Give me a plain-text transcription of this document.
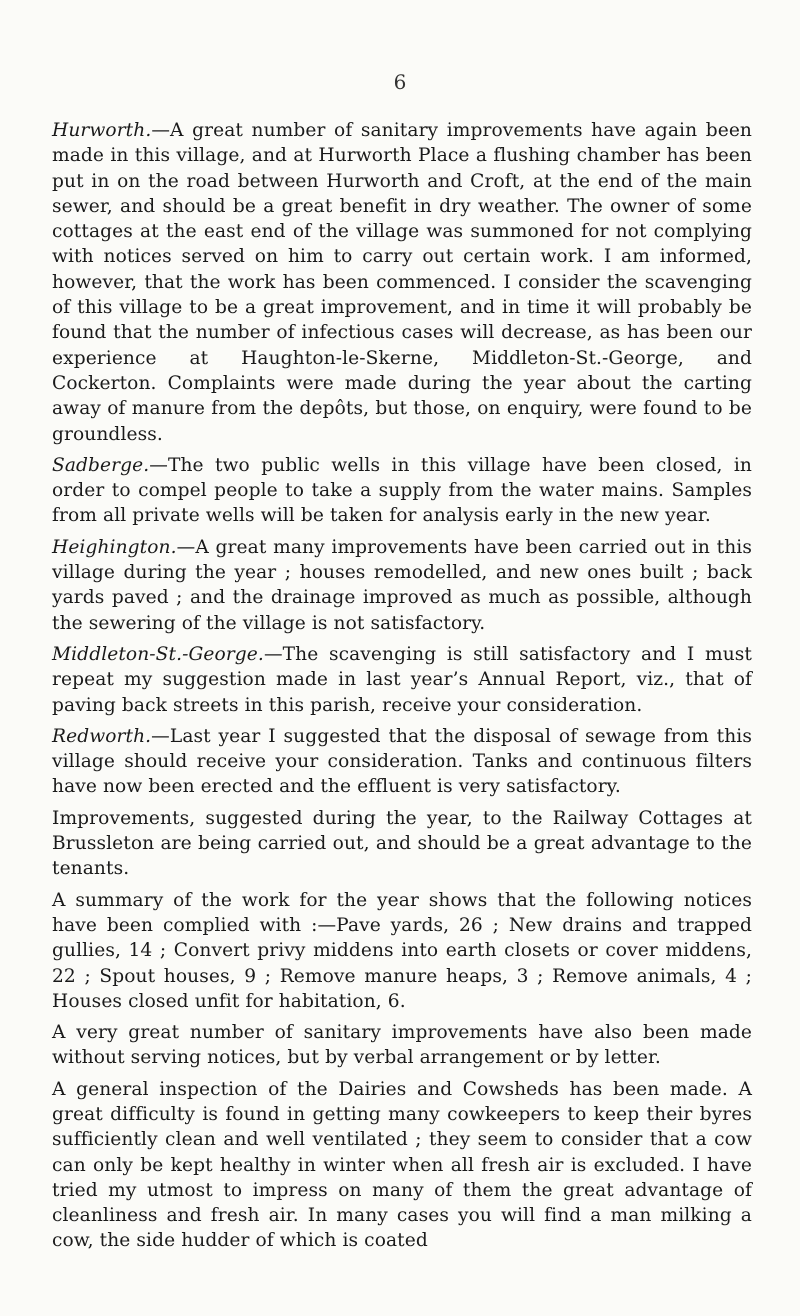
6

Hurworth.—A great number of sanitary improvements have again been made in this village, and at Hurworth Place a flushing chamber has been put in on the road between Hurworth and Croft, at the end of the main sewer, and should be a great benefit in dry weather. The owner of some cottages at the east end of the village was summoned for not complying with notices served on him to carry out certain work. I am informed, however, that the work has been commenced. I consider the scavenging of this village to be a great improvement, and in time it will probably be found that the number of infectious cases will decrease, as has been our experience at Haughton-le-Skerne, Middleton-St.-George, and Cockerton. Complaints were made during the year about the carting away of manure from the depôts, but those, on enquiry, were found to be groundless.

Sadberge.—The two public wells in this village have been closed, in order to compel people to take a supply from the water mains. Samples from all private wells will be taken for analysis early in the new year.

Heighington.—A great many improvements have been carried out in this village during the year ; houses remodelled, and new ones built ; back yards paved ; and the drainage improved as much as possible, although the sewering of the village is not satisfactory.

Middleton-St.-George.—The scavenging is still satisfactory and I must repeat my suggestion made in last year’s Annual Report, viz., that of paving back streets in this parish, receive your consideration.

Redworth.—Last year I suggested that the disposal of sewage from this village should receive your consideration. Tanks and continuous filters have now been erected and the effluent is very satisfactory.

Improvements, suggested during the year, to the Railway Cottages at Brussleton are being carried out, and should be a great advantage to the tenants.

A summary of the work for the year shows that the following notices have been complied with :—Pave yards, 26 ; New drains and trapped gullies, 14 ; Convert privy middens into earth closets or cover middens, 22 ; Spout houses, 9 ; Remove manure heaps, 3 ; Remove animals, 4 ; Houses closed unfit for habitation, 6.

A very great number of sanitary improvements have also been made without serving notices, but by verbal arrangement or by letter.

A general inspection of the Dairies and Cowsheds has been made. A great difficulty is found in getting many cowkeepers to keep their byres sufficiently clean and well ventilated ; they seem to consider that a cow can only be kept healthy in winter when all fresh air is excluded. I have tried my utmost to impress on many of them the great advantage of cleanliness and fresh air. In many cases you will find a man milking a cow, the side hudder of which is coated
